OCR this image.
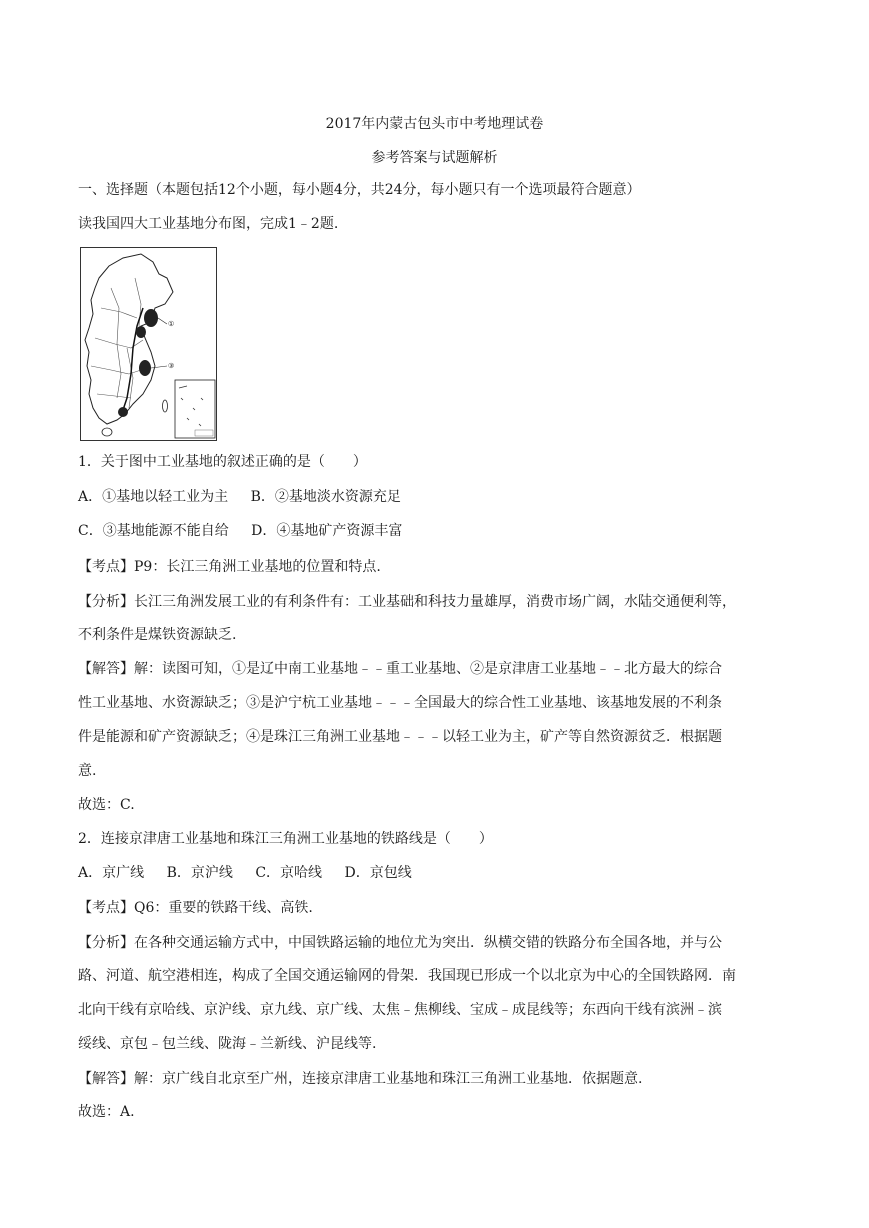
2017年内蒙古包头市中考地理试卷
参考答案与试题解析
一、选择题（本题包括12个小题，每小题4分，共24分，每小题只有一个选项最符合题意）
读我国四大工业基地分布图，完成1﹣2题.
①
③
1．关于图中工业基地的叙述正确的是（　　）
A．①基地以轻工业为主 B．②基地淡水资源充足
C．③基地能源不能自给 D．④基地矿产资源丰富
【考点】P9：长江三角洲工业基地的位置和特点.
【分析】长江三角洲发展工业的有利条件有：工业基础和科技力量雄厚，消费市场广阔，水陆交通便利等，
不利条件是煤铁资源缺乏.
【解答】解：读图可知，①是辽中南工业基地﹣﹣重工业基地、②是京津唐工业基地﹣﹣北方最大的综合
性工业基地、水资源缺乏；③是沪宁杭工业基地﹣﹣﹣全国最大的综合性工业基地、该基地发展的不利条
件是能源和矿产资源缺乏；④是珠江三角洲工业基地﹣﹣﹣以轻工业为主，矿产等自然资源贫乏．根据题
意.
故选：C.
2．连接京津唐工业基地和珠江三角洲工业基地的铁路线是（　　）
A．京广线 B．京沪线 C．京哈线 D．京包线
【考点】Q6：重要的铁路干线、高铁.
【分析】在各种交通运输方式中，中国铁路运输的地位尤为突出．纵横交错的铁路分布全国各地，并与公
路、河道、航空港相连，构成了全国交通运输网的骨架．我国现已形成一个以北京为中心的全国铁路网．南
北向干线有京哈线、京沪线、京九线、京广线、太焦﹣焦柳线、宝成﹣成昆线等；东西向干线有滨洲﹣滨
绥线、京包﹣包兰线、陇海﹣兰新线、沪昆线等.
【解答】解：京广线自北京至广州，连接京津唐工业基地和珠江三角洲工业基地．依据题意.
故选：A.
